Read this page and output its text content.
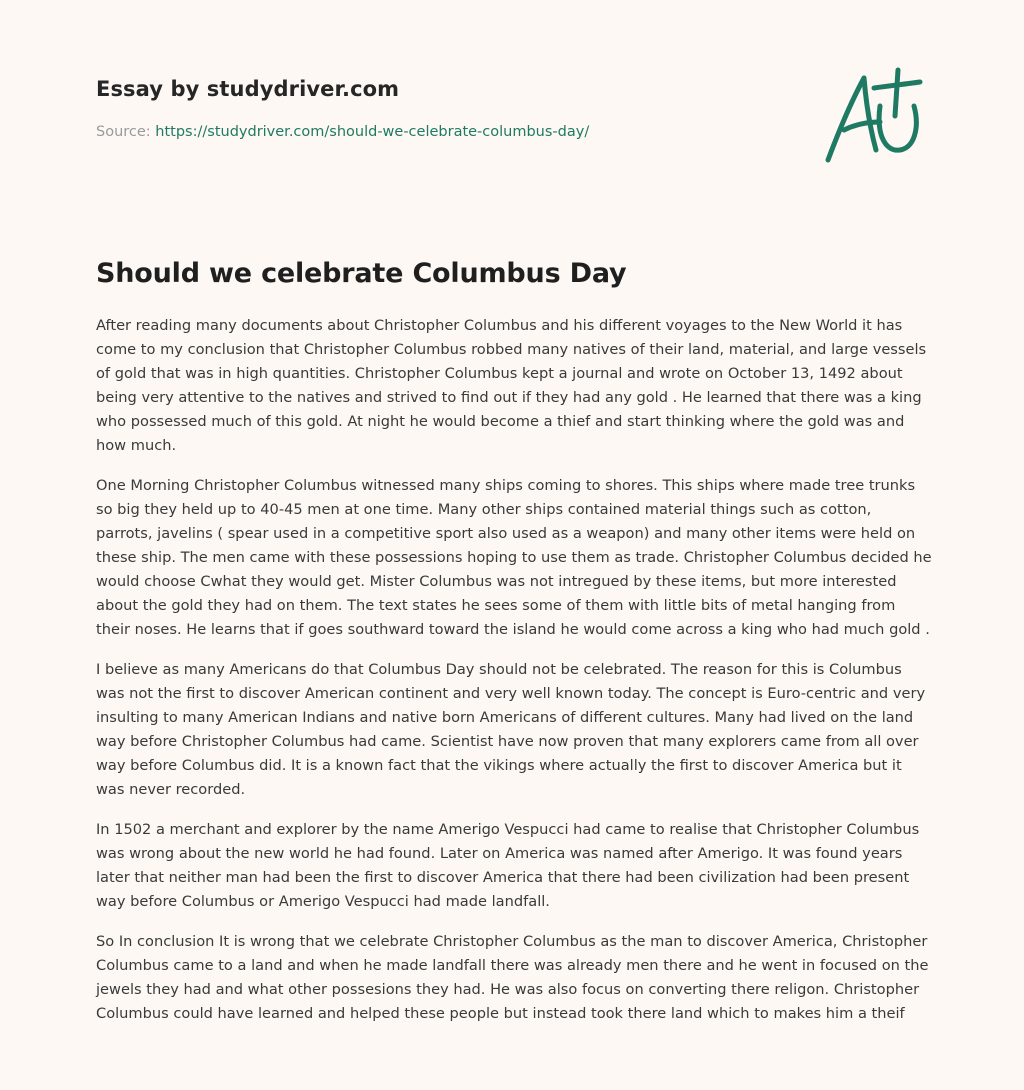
Essay by studydriver.com
Source: https://studydriver.com/should-we-celebrate-columbus-day/
Should we celebrate Columbus Day

After reading many documents about Christopher Columbus and his different voyages to the New World it has come to my conclusion that Christopher Columbus robbed many natives of their land, material, and large vessels of gold that was in high quantities. Christopher Columbus kept a journal and wrote on October 13, 1492 about being very attentive to the natives and strived to find out if they had any gold . He learned that there was a king who possessed much of this gold. At night he would become a thief and start thinking where the gold was and how much.

One Morning Christopher Columbus witnessed many ships coming to shores. This ships where made tree trunks so big they held up to 40-45 men at one time. Many other ships contained material things such as cotton, parrots, javelins ( spear used in a competitive sport also used as a weapon) and many other items were held on these ship. The men came with these possessions hoping to use them as trade. Christopher Columbus decided he would choose Cwhat they would get. Mister Columbus was not intregued by these items, but more interested about the gold they had on them. The text states he sees some of them with little bits of metal hanging from their noses. He learns that if goes southward toward the island he would come across a king who had much gold .

I believe as many Americans do that Columbus Day should not be celebrated. The reason for this is Columbus was not the first to discover American continent and very well known today. The concept is Euro-centric and very insulting to many American Indians and native born Americans of different cultures. Many had lived on the land way before Christopher Columbus had came. Scientist have now proven that many explorers came from all over way before Columbus did. It is a known fact that the vikings where actually the first to discover America but it was never recorded.

In 1502 a merchant and explorer by the name Amerigo Vespucci had came to realise that Christopher Columbus was wrong about the new world he had found. Later on America was named after Amerigo. It was found years later that neither man had been the first to discover America that there had been civilization had been present way before Columbus or Amerigo Vespucci had made landfall.

So In conclusion It is wrong that we celebrate Christopher Columbus as the man to discover America, Christopher Columbus came to a land and when he made landfall there was already men there and he went in focused on the jewels they had and what other possesions they had. He was also focus on converting there religon. Christopher Columbus could have learned and helped these people but instead took there land which to makes him a theif
